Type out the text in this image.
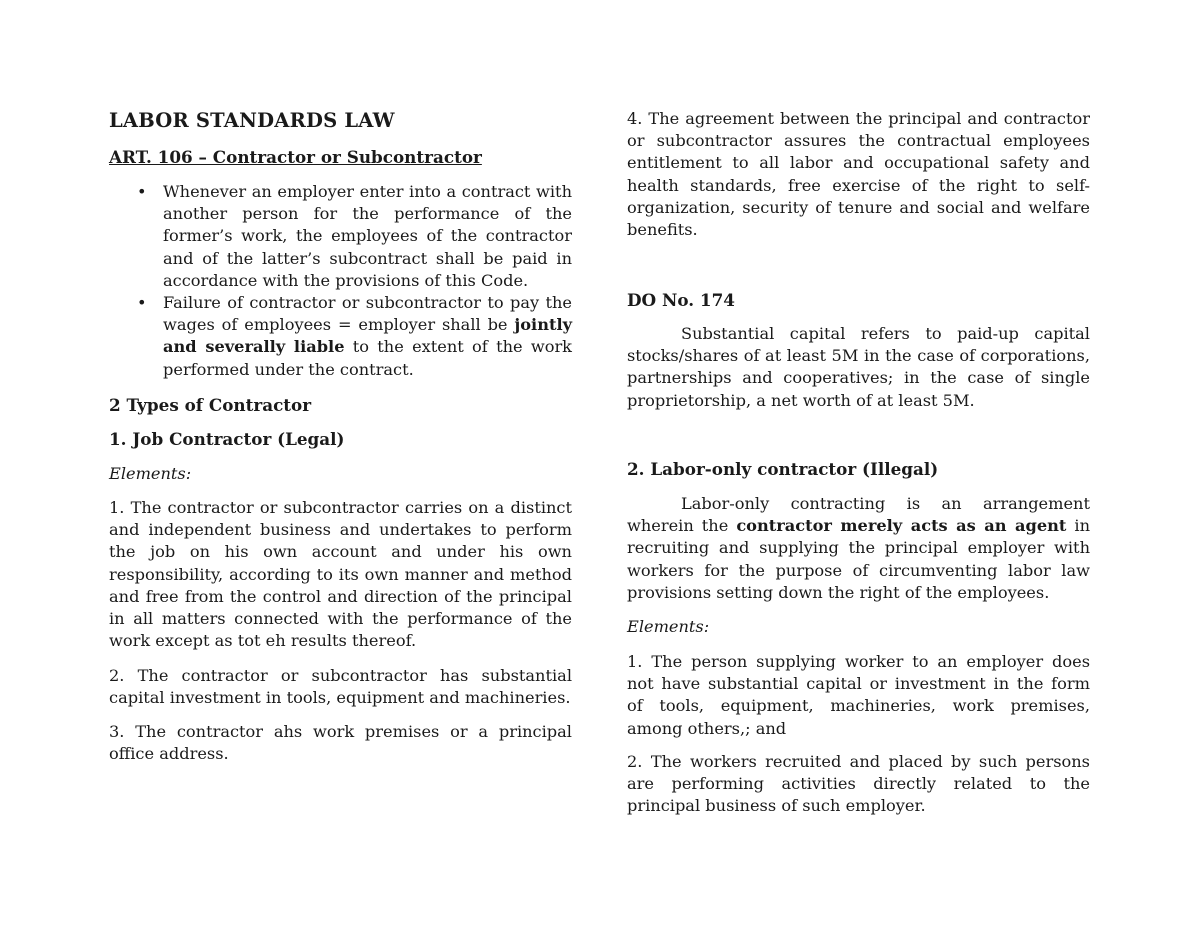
LABOR STANDARDS LAW
ART. 106 – Contractor or Subcontractor
• Whenever an employer enter into a contract with another person for the performance of the former’s work, the employees of the contractor and of the latter’s subcontract shall be paid in accordance with the provisions of this Code.
• Failure of contractor or subcontractor to pay the wages of employees = employer shall be jointly and severally liable to the extent of the work performed under the contract.
2 Types of Contractor
1. Job Contractor (Legal)
Elements:

1. The contractor or subcontractor carries on a distinct and independent business and undertakes to perform the job on his own account and under his own responsibility, according to its own manner and method and free from the control and direction of the principal in all matters connected with the performance of the work except as tot eh results thereof.

2. The contractor or subcontractor has substantial capital investment in tools, equipment and machineries.

3. The contractor ahs work premises or a principal office address.

4. The agreement between the principal and contractor or subcontractor assures the contractual employees entitlement to all labor and occupational safety and health standards, free exercise of the right to self-organization, security of tenure and social and welfare benefits.

DO No. 174

Substantial capital refers to paid-up capital stocks/shares of at least 5M in the case of corporations, partnerships and cooperatives; in the case of single proprietorship, a net worth of at least 5M.

2. Labor-only contractor (Illegal)

Labor-only contracting is an arrangement wherein the contractor merely acts as an agent in recruiting and supplying the principal employer with workers for the purpose of circumventing labor law provisions setting down the right of the employees.

Elements:

1. The person supplying worker to an employer does not have substantial capital or investment in the form of tools, equipment, machineries, work premises, among others,; and

2. The workers recruited and placed by such persons are performing activities directly related to the principal business of such employer.
